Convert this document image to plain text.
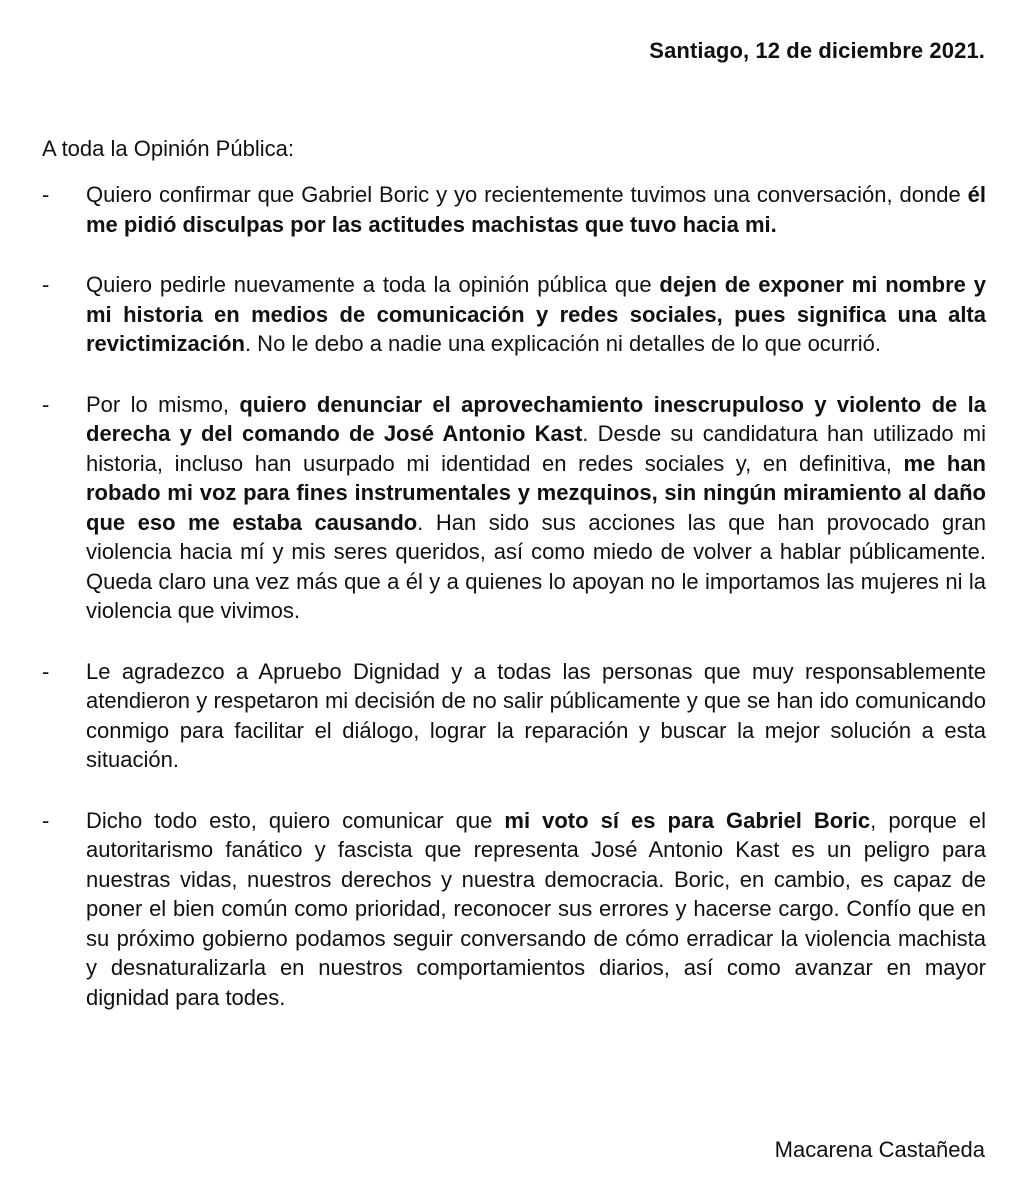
Santiago, 12 de diciembre 2021.
A toda la Opinión Pública:
-	Quiero confirmar que Gabriel Boric y yo recientemente tuvimos una conversación, donde él me pidió disculpas por las actitudes machistas que tuvo hacia mi.
-	Quiero pedirle nuevamente a toda la opinión pública que dejen de exponer mi nombre y mi historia en medios de comunicación y redes sociales, pues significa una alta revictimización. No le debo a nadie una explicación ni detalles de lo que ocurrió.
-	Por lo mismo, quiero denunciar el aprovechamiento inescrupuloso y violento de la derecha y del comando de José Antonio Kast. Desde su candidatura han utilizado mi historia, incluso han usurpado mi identidad en redes sociales y, en definitiva, me han robado mi voz para fines instrumentales y mezquinos, sin ningún miramiento al daño que eso me estaba causando. Han sido sus acciones las que han provocado gran violencia hacia mí y mis seres queridos, así como miedo de volver a hablar públicamente. Queda claro una vez más que a él y a quienes lo apoyan no le importamos las mujeres ni la violencia que vivimos.
-	Le agradezco a Apruebo Dignidad y a todas las personas que muy responsablemente atendieron y respetaron mi decisión de no salir públicamente y que se han ido comunicando conmigo para facilitar el diálogo, lograr la reparación y buscar la mejor solución a esta situación.
-	Dicho todo esto, quiero comunicar que mi voto sí es para Gabriel Boric, porque el autoritarismo fanático y fascista que representa José Antonio Kast es un peligro para nuestras vidas, nuestros derechos y nuestra democracia. Boric, en cambio, es capaz de poner el bien común como prioridad, reconocer sus errores y hacerse cargo. Confío que en su próximo gobierno podamos seguir conversando de cómo erradicar la violencia machista y desnaturalizarla en nuestros comportamientos diarios, así como avanzar en mayor dignidad para todes.
Macarena Castañeda
